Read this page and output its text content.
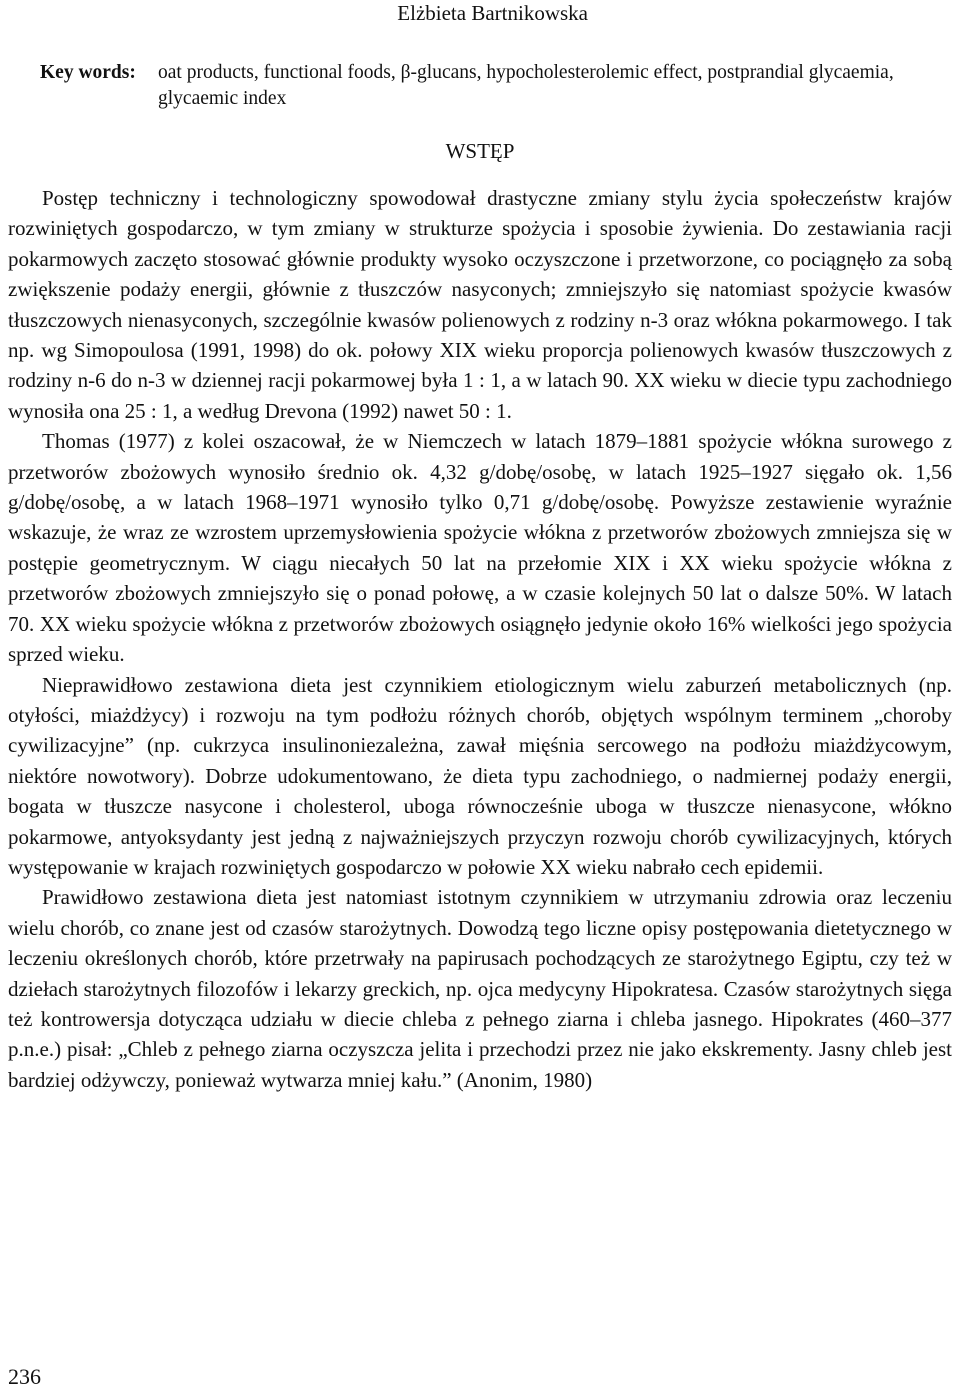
Elżbieta Bartnikowska
Key words: oat products, functional foods, β-glucans, hypocholesterolemic effect, postprandial glycaemia, glycaemic index
WSTĘP

Postęp techniczny i technologiczny spowodował drastyczne zmiany stylu życia społeczeństw krajów rozwiniętych gospodarczo, w tym zmiany w strukturze spożycia i sposobie żywienia. Do zestawiania racji pokarmowych zaczęto stosować głównie produkty wysoko oczyszczone i przetworzone, co pociągnęło za sobą zwiększenie podaży energii, głównie z tłuszczów nasyconych; zmniejszyło się natomiast spożycie kwasów tłuszczowych nienasyconych, szczególnie kwasów polienowych z rodziny n-3 oraz włókna pokarmowego. I tak np. wg Simopoulosa (1991, 1998) do ok. połowy XIX wieku proporcja polienowych kwasów tłuszczowych z rodziny n-6 do n-3 w dziennej racji pokarmowej była 1 : 1, a w latach 90. XX wieku w diecie typu zachodniego wynosiła ona 25 : 1, a według Drevona (1992) nawet 50 : 1.

Thomas (1977) z kolei oszacował, że w Niemczech w latach 1879–1881 spożycie włókna surowego z przetworów zbożowych wynosiło średnio ok. 4,32 g/dobę/osobę, w latach 1925–1927 sięgało ok. 1,56 g/dobę/osobę, a w latach 1968–1971 wynosiło tylko 0,71 g/dobę/osobę. Powyższe zestawienie wyraźnie wskazuje, że wraz ze wzrostem uprzemysłowienia spożycie włókna z przetworów zbożowych zmniejsza się w postępie geometrycznym. W ciągu niecałych 50 lat na przełomie XIX i XX wieku spożycie włókna z przetworów zbożowych zmniejszyło się o ponad połowę, a w czasie kolejnych 50 lat o dalsze 50%. W latach 70. XX wieku spożycie włókna z przetworów zbożowych osiągnęło jedynie około 16% wielkości jego spożycia sprzed wieku.

Nieprawidłowo zestawiona dieta jest czynnikiem etiologicznym wielu zaburzeń metabolicznych (np. otyłości, miażdżycy) i rozwoju na tym podłożu różnych chorób, objętych wspólnym terminem „choroby cywilizacyjne” (np. cukrzyca insulinoniezależna, zawał mięśnia sercowego na podłożu miażdżycowym, niektóre nowotwory). Dobrze udokumentowano, że dieta typu zachodniego, o nadmiernej podaży energii, bogata w tłuszcze nasycone i cholesterol, uboga równocześnie uboga w tłuszcze nienasycone, włókno pokarmowe, antyoksydanty jest jedną z najważniejszych przyczyn rozwoju chorób cywilizacyjnych, których występowanie w krajach rozwiniętych gospodarczo w połowie XX wieku nabrało cech epidemii.

Prawidłowo zestawiona dieta jest natomiast istotnym czynnikiem w utrzymaniu zdrowia oraz leczeniu wielu chorób, co znane jest od czasów starożytnych. Dowodzą tego liczne opisy postępowania dietetycznego w leczeniu określonych chorób, które przetrwały na papirusach pochodzących ze starożytnego Egiptu, czy też w dziełach starożytnych filozofów i lekarzy greckich, np. ojca medycyny Hipokratesa. Czasów starożytnych sięga też kontrowersja dotycząca udziału w diecie chleba z pełnego ziarna i chleba jasnego. Hipokrates (460–377 p.n.e.) pisał: „Chleb z pełnego ziarna oczyszcza jelita i przechodzi przez nie jako ekskrementy. Jasny chleb jest bardziej odżywczy, ponieważ wytwarza mniej kału.” (Anonim, 1980)

236
